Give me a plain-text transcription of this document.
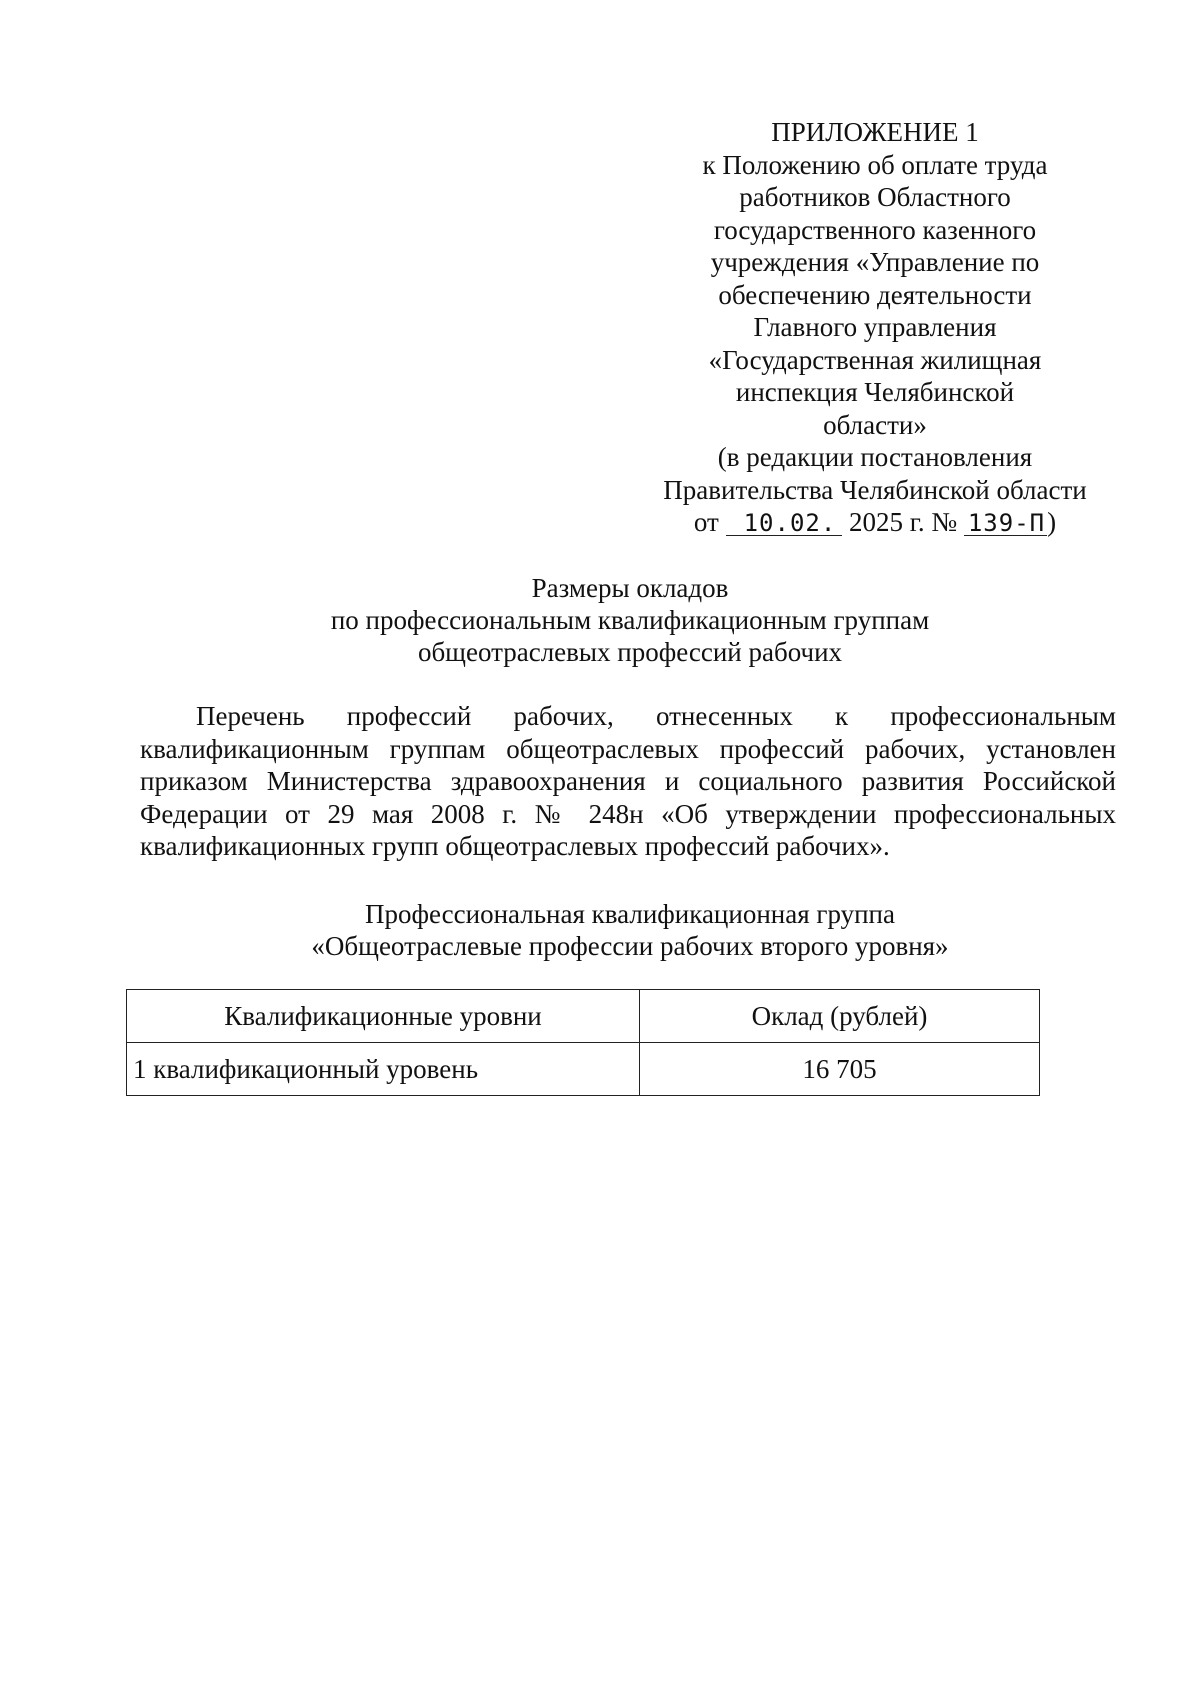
ПРИЛОЖЕНИЕ 1
к Положению об оплате труда
работников Областного
государственного казенного
учреждения «Управление по
обеспечению деятельности
Главного управления
«Государственная жилищная
инспекция Челябинской
области»
(в редакции постановления
Правительства Челябинской области
от 10.02. 2025 г. № 139-П)
Размеры окладов
по профессиональным квалификационным группам
общеотраслевых профессий рабочих
Перечень профессий рабочих, отнесенных к профессиональным квалификационным группам общеотраслевых профессий рабочих, установлен приказом Министерства здравоохранения и социального развития Российской Федерации от 29 мая 2008 г. № 248н «Об утверждении профессиональных квалификационных групп общеотраслевых профессий рабочих».
Профессиональная квалификационная группа
«Общеотраслевые профессии рабочих второго уровня»
Квалификационные уровни	Оклад (рублей)
1 квалификационный уровень	16 705
